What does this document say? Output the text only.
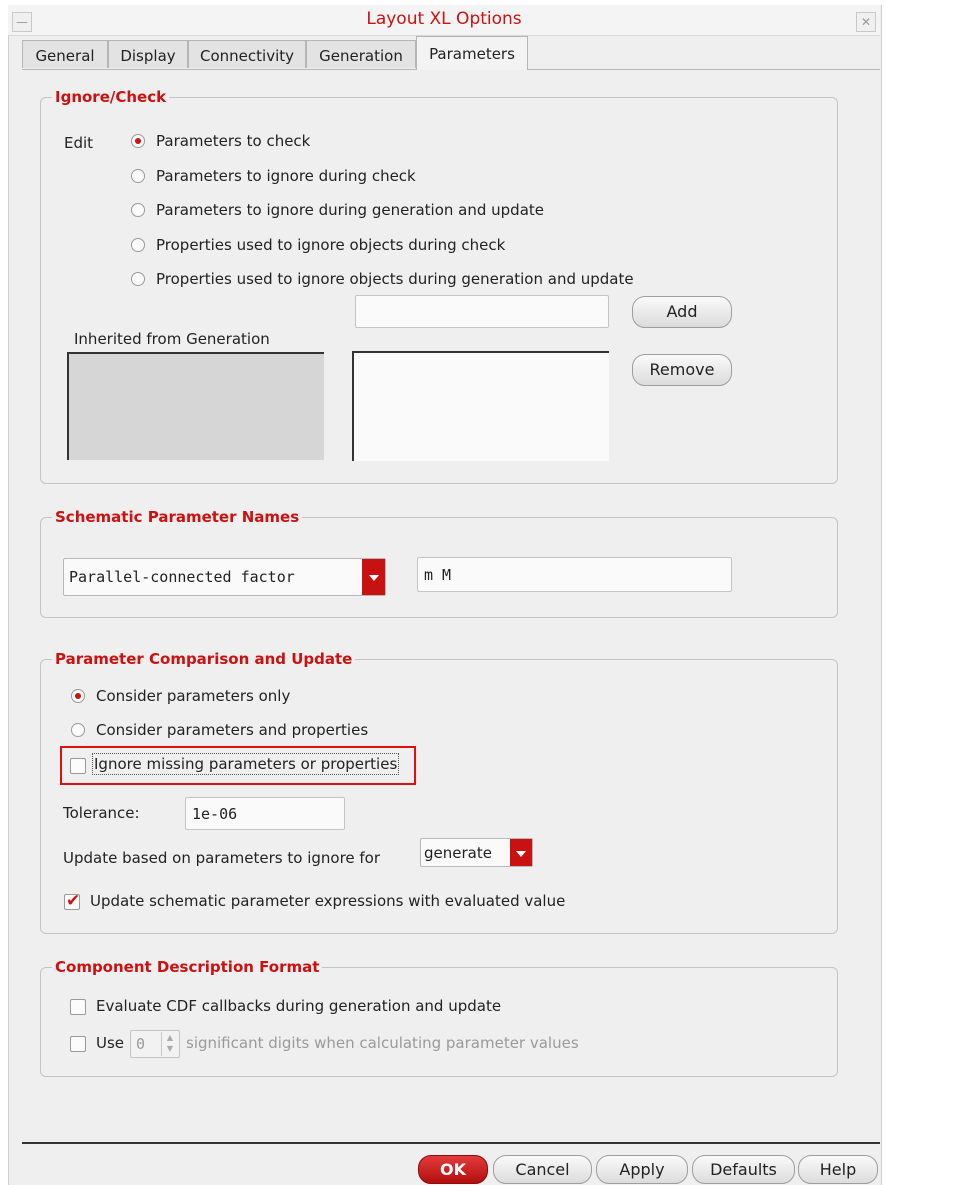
—	Layout XL Options	✕
General	Display	Connectivity	Generation	Parameters
Ignore/Check
Edit	Parameters to check
Parameters to ignore during check
Parameters to ignore during generation and update
Properties used to ignore objects during check
Properties used to ignore objects during generation and update
Add
Inherited from Generation
Remove
Schematic Parameter Names
Parallel-connected factor	m M
Parameter Comparison and Update
Consider parameters only
Consider parameters and properties
Ignore missing parameters or properties
Tolerance:	1e-06
Update based on parameters to ignore for	generate
✔ Update schematic parameter expressions with evaluated value
Component Description Format
Evaluate CDF callbacks during generation and update
Use 0	▲
▼ significant digits when calculating parameter values
OK	Cancel	Apply	Defaults	Help
